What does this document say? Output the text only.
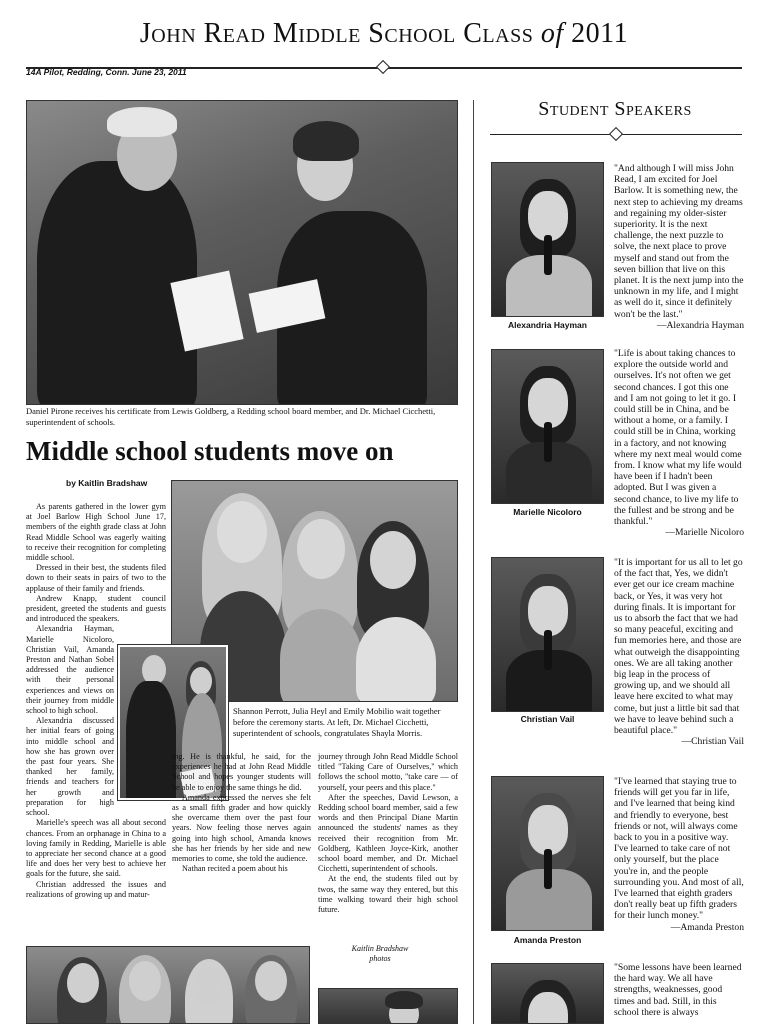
John Read Middle School Class of 2011
14A Pilot, Redding, Conn. June 23, 2011
Daniel Pirone receives his certificate from Lewis Goldberg, a Redding school board member, and Dr. Michael Cicchetti, superintendent of schools.
Middle school students move on
by Kaitlin Bradshaw

As parents gathered in the lower gym at Joel Barlow High School June 17, members of the eighth grade class at John Read Middle School was eagerly waiting to receive their recognition for completing middle school.

Dressed in their best, the students filed down to their seats in pairs of two to the applause of their family and friends.

Andrew Knapp, student council president, greeted the students and guests and introduced the speakers.

Alexandria Hayman, Marielle Nicoloro, Christian Vail, Amanda Preston and Nathan Sobel addressed the audience with their personal experiences and views on their journey from middle school to high school.

Alexandria discussed her initial fears of going into middle school and how she has grown over the past four years. She thanked her family, friends and teachers for her growth and preparation for high school.

Marielle's speech was all about second chances. From an orphanage in China to a loving family in Redding, Marielle is able to appreciate her second chance at a good life and does her very best to achieve her goals for the future, she said.

Christian addressed the issues and realizations of growing up and matur-

Shannon Perrott, Julia Heyl and Emily Mobilio wait together before the ceremony starts. At left, Dr. Michael Cicchetti, superintendent of schools, congratulates Shayla Morris.

ing. He is thankful, he said, for the experiences he had at John Read Middle School and hopes younger students will be able to enjoy the same things he did.

Amanda expressed the nerves she felt as a small fifth grader and how quickly she overcame them over the past four years. Now feeling those nerves again going into high school, Amanda knows she has her friends by her side and new memories to come, she told the audience.

Nathan recited a poem about his

journey through John Read Middle School titled "Taking Care of Ourselves," which follows the school motto, "take care — of yourself, your peers and this place."

After the speeches, David Lewson, a Redding school board member, said a few words and then Principal Diane Martin announced the students' names as they received their recognition from Mr. Goldberg, Kathleen Joyce-Kirk, another school board member, and Dr. Michael Cicchetti, superintendent of schools.

At the end, the students filed out by twos, the same way they entered, but this time walking toward their high school future.

Kaitlin Bradshaw
photos
Student Speakers
Alexandria Hayman
"And although I will miss John Read, I am excited for Joel Barlow. It is something new, the next step to achieving my dreams and regaining my older-sister superiority. It is the next challenge, the next puzzle to solve, the next place to prove myself and stand out from the seven billion that live on this planet. It is the next jump into the unknown in my life, and I might as well do it, since it definitely won't be the last."
—Alexandria Hayman
Marielle Nicoloro
"Life is about taking chances to explore the outside world and ourselves. It's not often we get second chances. I got this one and I am not going to let it go. I could still be in China, and be without a home, or a family. I could still be in China, working in a factory, and not knowing where my next meal would come from. I know what my life would have been if I hadn't been adopted. But I was given a second chance, to live my life to the fullest and be strong and be thankful."
—Marielle Nicoloro
Christian Vail
"It is important for us all to let go of the fact that, Yes, we didn't ever get our ice cream machine back, or Yes, it was very hot during finals. It is important for us to absorb the fact that we had so many peaceful, exciting and fun memories here, and those are what outweigh the disappointing ones. We are all taking another big leap in the process of growing up, and we should all leave here excited to what may come, but just a little bit sad that we have to leave behind such a beautiful place."
—Christian Vail
Amanda Preston
"I've learned that staying true to friends will get you far in life, and I've learned that being kind and friendly to everyone, best friends or not, will always come back to you in a positive way. I've learned to take care of not only yourself, but the place you're in, and the people surrounding you. And most of all, I've learned that eighth graders don't really beat up fifth graders for their lunch money."
—Amanda Preston
"Some lessons have been learned the hard way. We all have strengths, weaknesses, good times and bad. Still, in this school there is always
